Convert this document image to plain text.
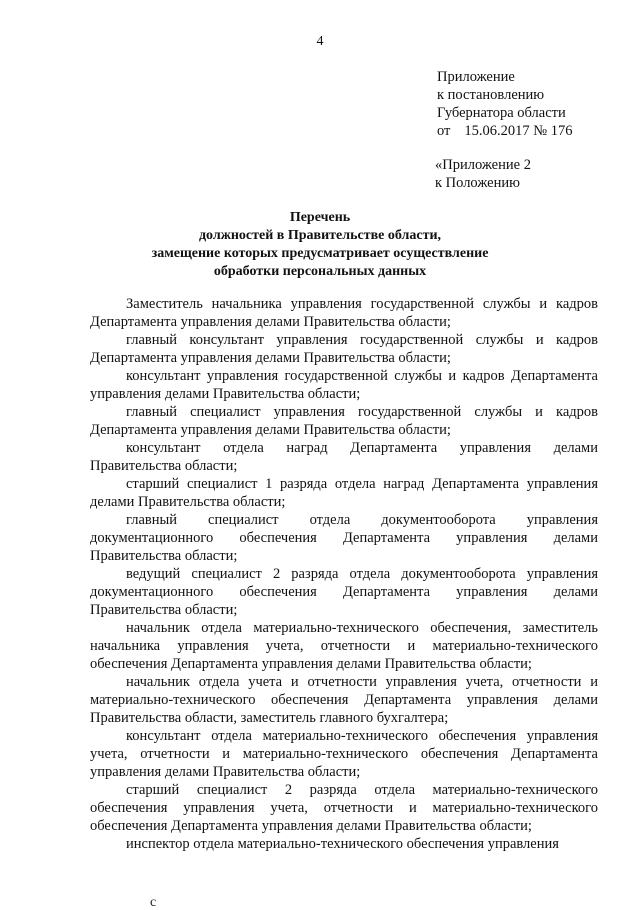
4
Приложение
к постановлению
Губернатора области
от 15.06.2017 № 176
«Приложение 2
к Положению
Перечень
должностей в Правительстве области,
замещение которых предусматривает осуществление
обработки персональных данных

Заместитель начальника управления государственной службы и кадров Департамента управления делами Правительства области;

главный консультант управления государственной службы и кадров Департамента управления делами Правительства области;

консультант управления государственной службы и кадров Департамента управления делами Правительства области;

главный специалист управления государственной службы и кадров Департамента управления делами Правительства области;

консультант отдела наград Департамента управления делами Правительства области;

старший специалист 1 разряда отдела наград Департамента управления делами Правительства области;

главный специалист отдела документооборота управления документационного обеспечения Департамента управления делами Правительства области;

ведущий специалист 2 разряда отдела документооборота управления документационного обеспечения Департамента управления делами Правительства области;

начальник отдела материально-технического обеспечения, заместитель начальника управления учета, отчетности и материально-технического обеспечения Департамента управления делами Правительства области;

начальник отдела учета и отчетности управления учета, отчетности и материально-технического обеспечения Департамента управления делами Правительства области, заместитель главного бухгалтера;

консультант отдела материально-технического обеспечения управления учета, отчетности и материально-технического обеспечения Департамента управления делами Правительства области;

старший специалист 2 разряда отдела материально-технического обеспечения управления учета, отчетности и материально-технического обеспечения Департамента управления делами Правительства области;

инспектор отдела материально-технического обеспечения управления

с
